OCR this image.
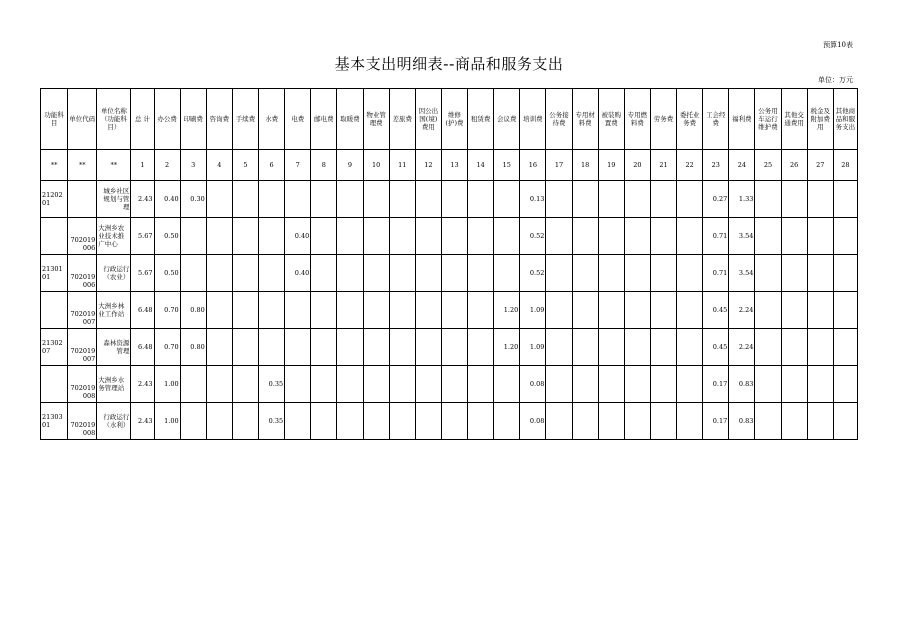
预算10表
基本支出明细表--商品和服务支出
单位：万元
功能科目	单位代码	单位名称（功能科目）	总 计	办公费	印刷费	咨询费	手续费	水费	电费	邮电费	取暖费	物业管理费	差旅费	因公出国(境)费用	维修(护)费	租赁费	会议费	培训费	公务接待费	专用材料费	被装购置费	专用燃料费	劳务费	委托业务费	工会经费	福利费	公务用车运行维护费	其他交通费用	税金及附加费用	其他商品和服务支出
**	**	**	1	2	3	4	5	6	7	8	9	10	11	12	13	14	15	16	17	18	19	20	21	22	23	24	25	26	27	28
2120201		城乡社区规划与管理	2.43	0.40	0.30													0.13							0.27	1.33				
	702019006	大洲乡农业技术推广中心	5.67	0.50					0.40									0.52							0.71	3.54				
2130101	702019006	行政运行（农业）	5.67	0.50					0.40									0.52							0.71	3.54				
	702019007	大洲乡林业工作站	6.48	0.70	0.80												1.20	1.09							0.45	2.24				
2130207	702019007	森林资源管理	6.48	0.70	0.80												1.20	1.09							0.45	2.24				
	702019008	大洲乡水务管理站	2.43	1.00				0.35										0.08							0.17	0.83				
2130301	702019008	行政运行（水利）	2.43	1.00				0.35										0.08							0.17	0.83				
